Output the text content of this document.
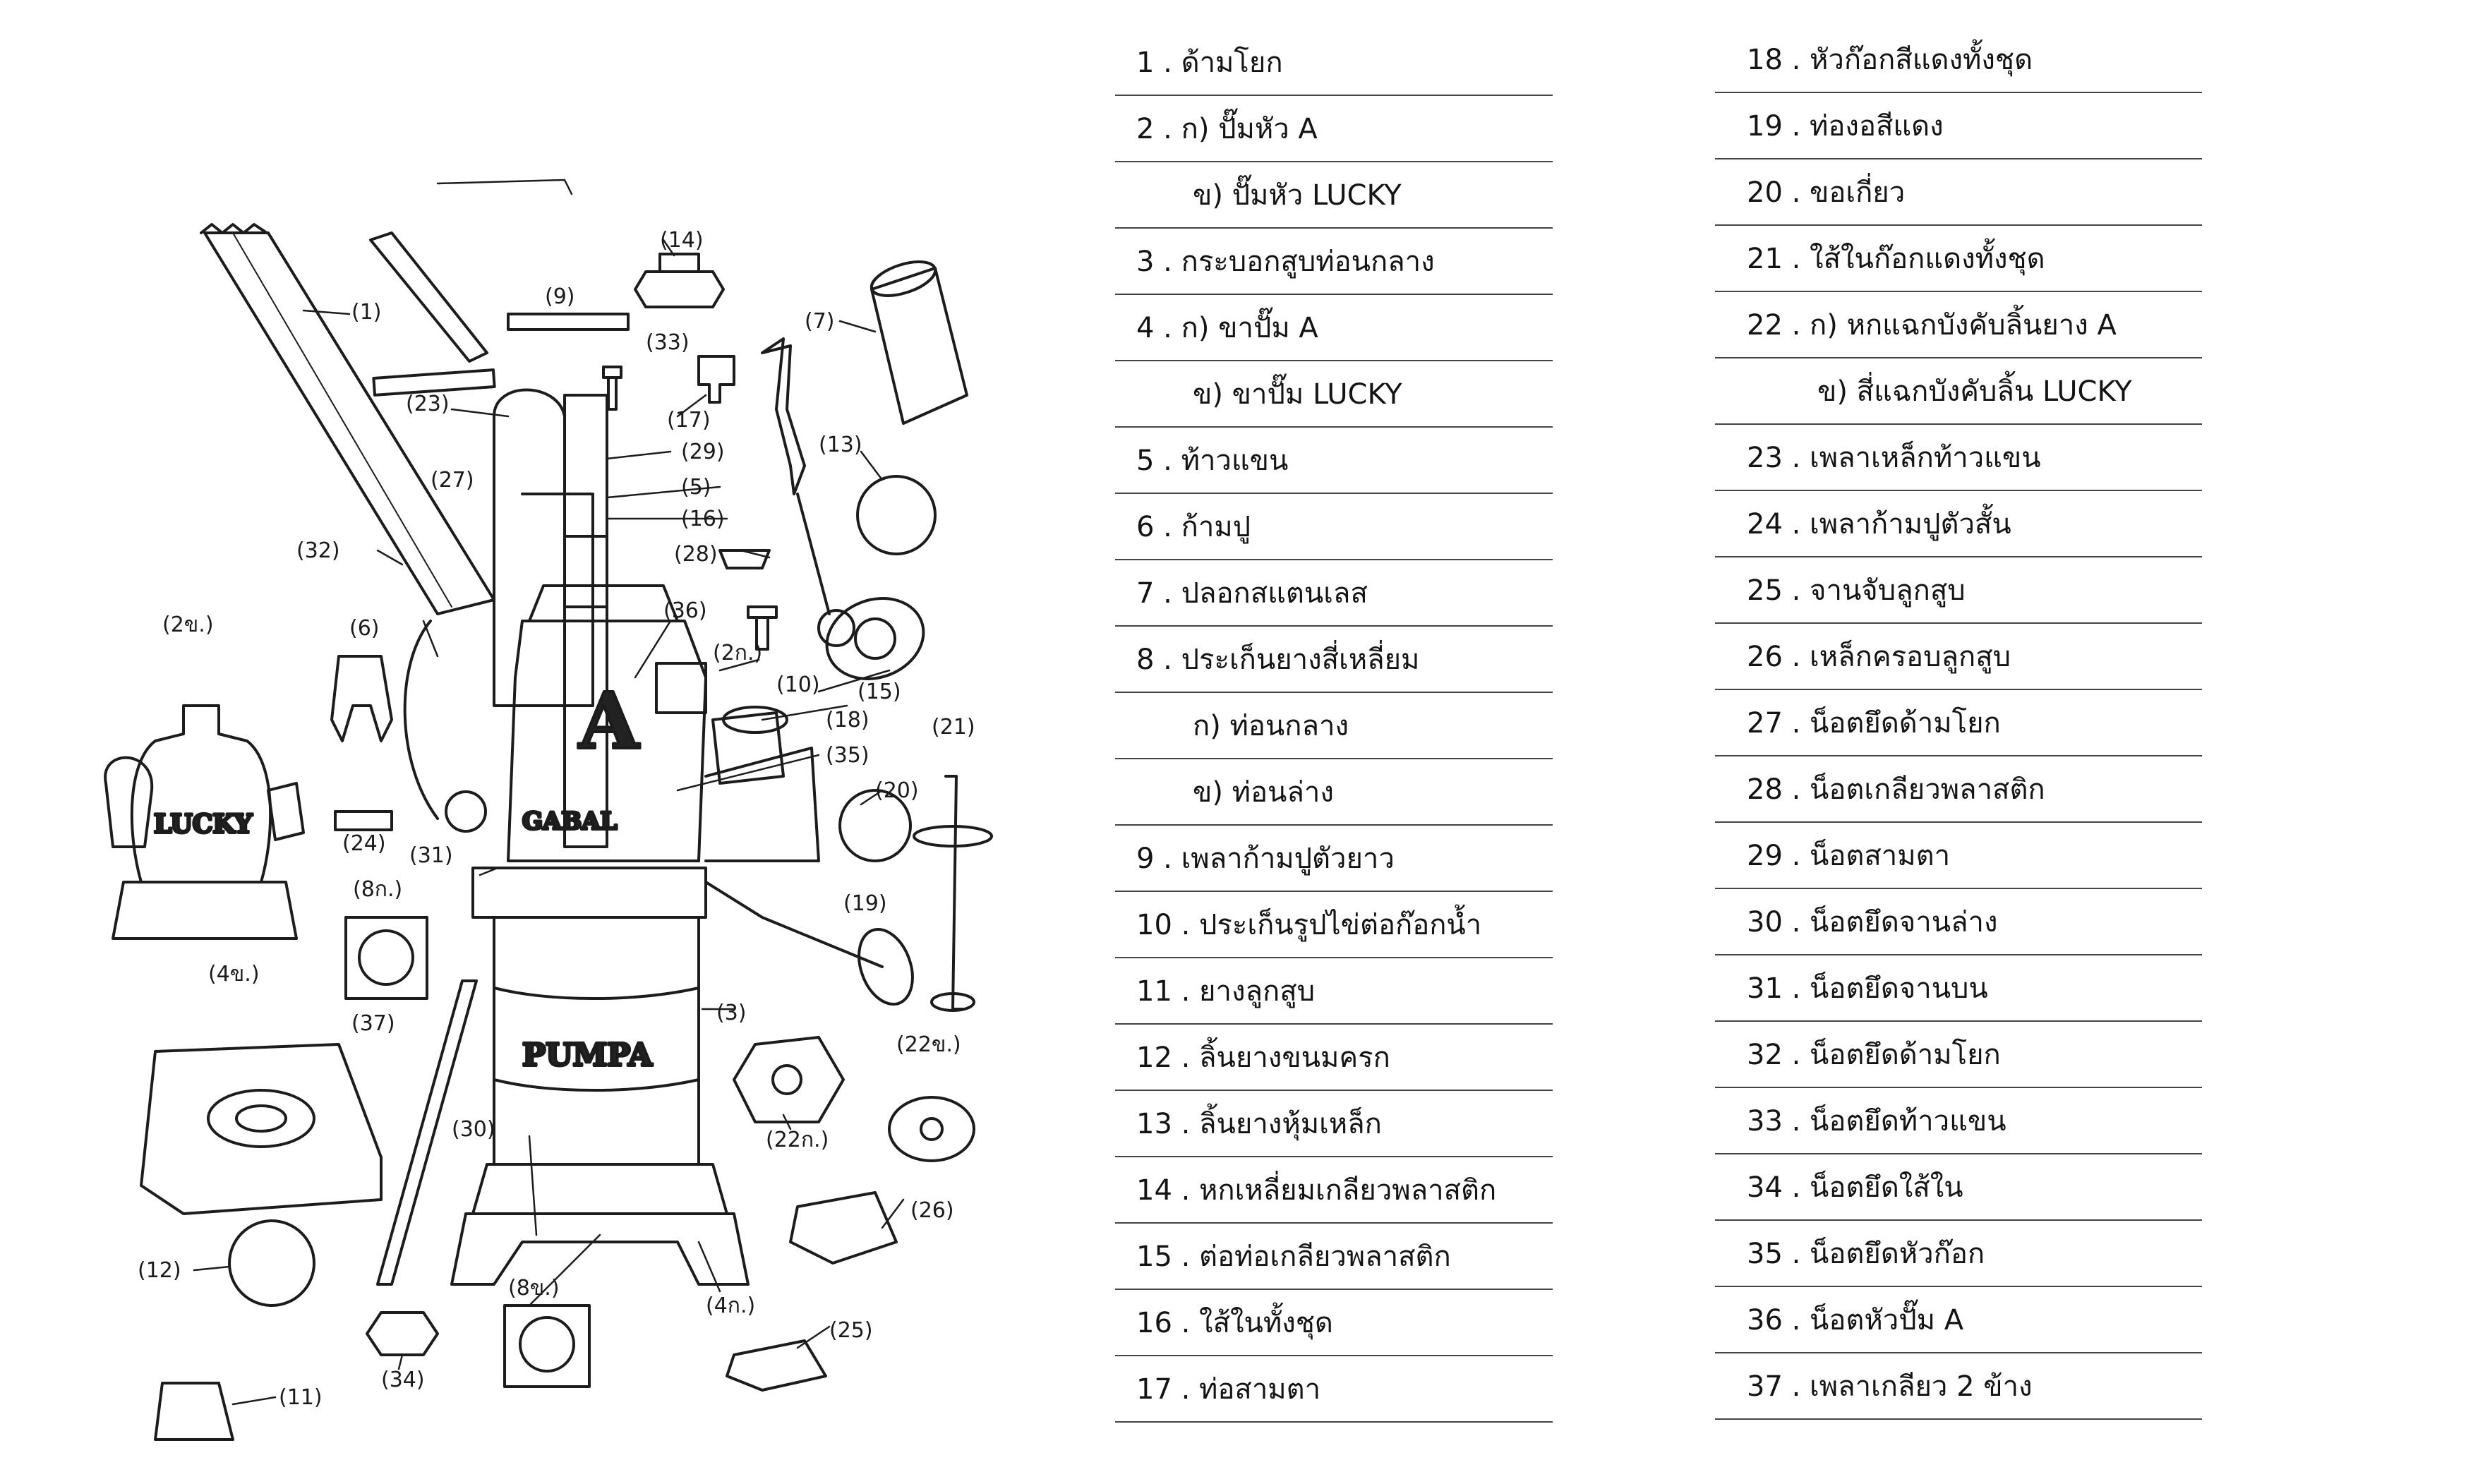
LUCKY
A
GABAL
PUMPA
(1)
(9)
(14)
(33)
(7)
(23)
(17)
(29)
(27)	(5)
(13)
(16)
(32)	(28)
(2ข.)	(6)
(36)
(2ก.)
(10) (15)
(18)
(35)
(21)
(20)
(24) (31)
(8ก.)
(19)
(4ข.)
(37)	(3)
(22ข.)
(22ก.)
(30)
(26)
(12)
(8ข.)
(4ก.)
(34)
(25)
(11)
1 . ด้ามโยก
2 . ก) ปั๊มหัว A
ข) ปั๊มหัว LUCKY
3 . กระบอกสูบท่อนกลาง
4 . ก) ขาปั๊ม A
ข) ขาปั๊ม LUCKY
5 . ท้าวแขน
6 . ก้ามปู
7 . ปลอกสแตนเลส
8 . ประเก็นยางสี่เหลี่ยม
ก) ท่อนกลาง
ข) ท่อนล่าง
9 . เพลาก้ามปูตัวยาว
10 . ประเก็นรูปไข่ต่อก๊อกน้ำ
11 . ยางลูกสูบ
12 . ลิ้นยางขนมครก
13 . ลิ้นยางหุ้มเหล็ก
14 . หกเหลี่ยมเกลียวพลาสติก
15 . ต่อท่อเกลียวพลาสติก
16 . ใส้ในทั้งชุด
17 . ท่อสามตา
18 . หัวก๊อกสีแดงทั้งชุด
19 . ท่องอสีแดง
20 . ขอเกี่ยว
21 . ใส้ในก๊อกแดงทั้งชุด
22 . ก) หกแฉกบังคับลิ้นยาง A
ข) สี่แฉกบังคับลิ้น LUCKY
23 . เพลาเหล็กท้าวแขน
24 . เพลาก้ามปูตัวสั้น
25 . จานจับลูกสูบ
26 . เหล็กครอบลูกสูบ
27 . น็อตยึดด้ามโยก
28 . น็อตเกลียวพลาสติก
29 . น็อตสามตา
30 . น็อตยึดจานล่าง
31 . น็อตยึดจานบน
32 . น็อตยึดด้ามโยก
33 . น็อตยึดท้าวแขน
34 . น็อตยึดใส้ใน
35 . น็อตยึดหัวก๊อก
36 . น็อตหัวปั๊ม A
37 . เพลาเกลียว 2 ข้าง
